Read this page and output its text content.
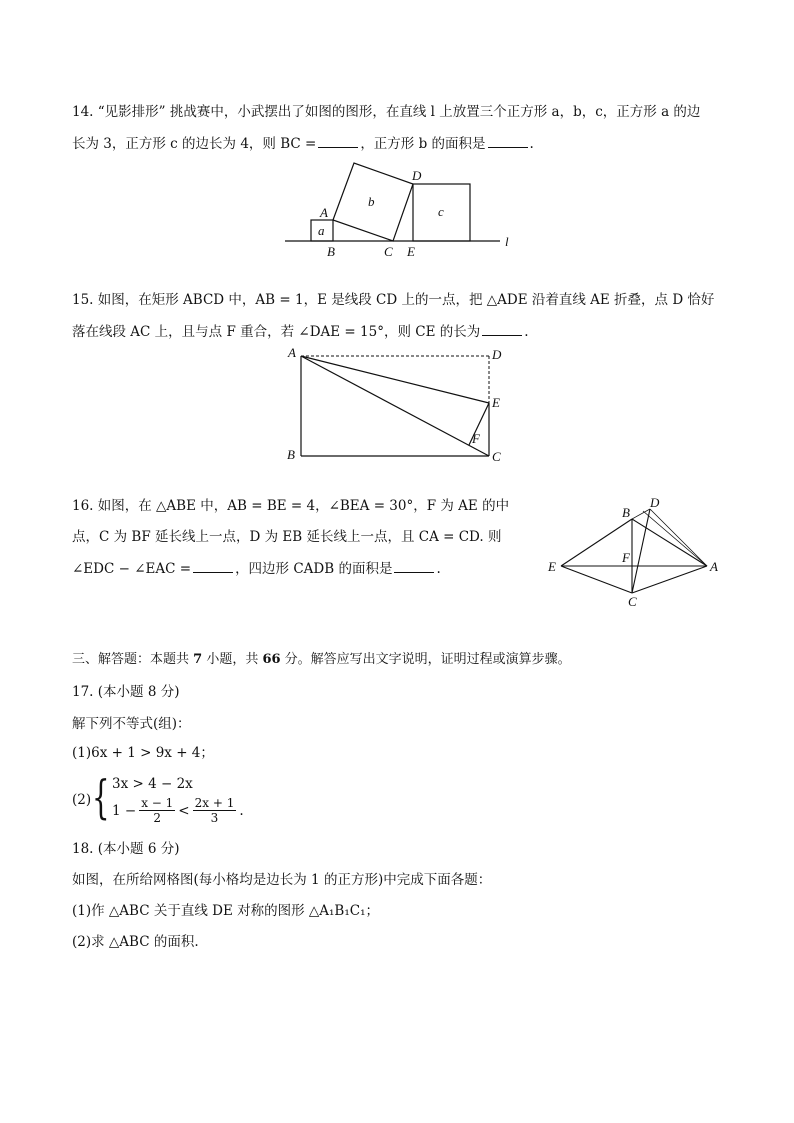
14. “见影排形” 挑战赛中，小武摆出了如图的图形，在直线 l 上放置三个正方形 a，b，c，正方形 a 的边
长为 3，正方形 c 的边长为 4，则 BC =	，正方形 b 的面积是	.
A
B	C
D
E
a
b
c
l
A
B	C
D
E
F
B
D
E	A
F
C
15. 如图，在矩形 ABCD 中，AB = 1，E 是线段 CD 上的一点，把 △ADE 沿着直线 AE 折叠，点 D 恰好
落在线段 AC 上，且与点 F 重合，若 ∠DAE = 15°，则 CE 的长为	.
16. 如图，在 △ABE 中，AB = BE = 4，∠BEA = 30°，F 为 AE 的中
点，C 为 BF 延长线上一点，D 为 EB 延长线上一点，且 CA = CD. 则
∠EDC − ∠EAC =	，四边形 CADB 的面积是	.
三、解答题：本题共 7 小题，共 66 分。解答应写出文字说明，证明过程或演算步骤。
17. (本小题 8 分)
解下列不等式(组)：
(1)6x + 1 > 9x + 4；
(2) { 3x > 4 − 2x
$1 - \frac{x - 1}{2} < \frac{2x + 1}{3}$ .
18. (本小题 6 分)
如图，在所给网格图(每小格均是边长为 1 的正方形)中完成下面各题：
(1)作 △ABC 关于直线 DE 对称的图形 △A₁B₁C₁；
(2)求 △ABC 的面积.
